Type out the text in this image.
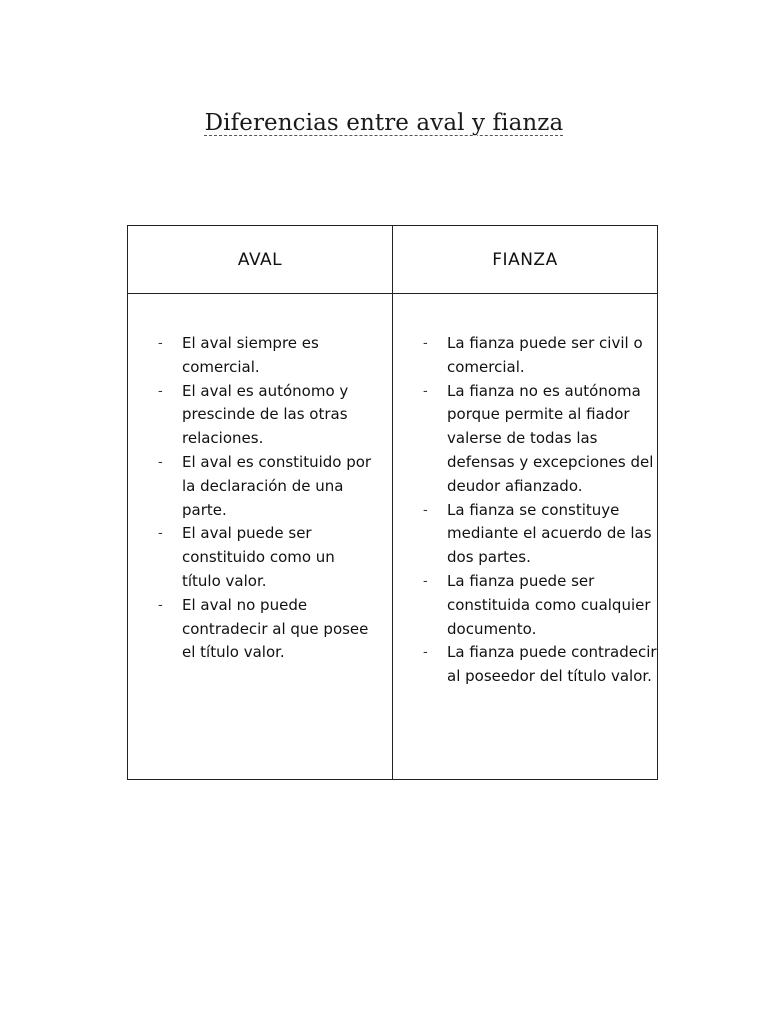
Diferencias entre aval y fianza
AVAL
-	El aval siempre es comercial.
-	El aval es autónomo y prescinde de las otras relaciones.
-	El aval es constituido por la declaración de una parte.
-	El aval puede ser constituido como un título valor.
-	El aval no puede contradecir al que posee el título valor.
FIANZA
-	La fianza puede ser civil o comercial.
-	La fianza no es autónoma porque permite al fiador valerse de todas las defensas y excepciones del deudor afianzado.
-	La fianza se constituye mediante el acuerdo de las dos partes.
-	La fianza puede ser constituida como cualquier documento.
-	La fianza puede contradecir al poseedor del título valor.
